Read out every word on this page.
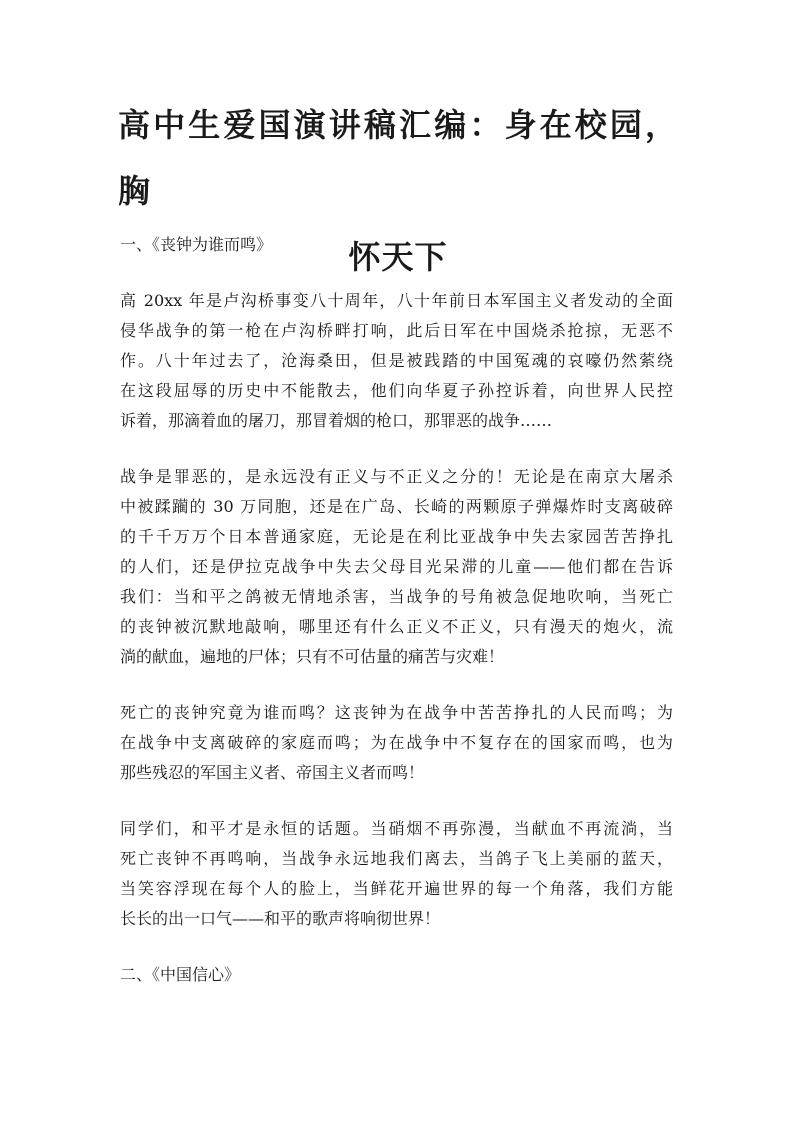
高中生爱国演讲稿汇编：身在校园，胸
怀天下
一、《丧钟为谁而鸣》
高 20xx 年是卢沟桥事变八十周年，八十年前日本军国主义者发动的全面
侵华战争的第一枪在卢沟桥畔打响，此后日军在中国烧杀抢掠，无恶不
作。八十年过去了，沧海桑田，但是被践踏的中国冤魂的哀嚎仍然萦绕
在这段屈辱的历史中不能散去，他们向华夏子孙控诉着，向世界人民控
诉着，那滴着血的屠刀，那冒着烟的枪口，那罪恶的战争……
战争是罪恶的，是永远没有正义与不正义之分的！无论是在南京大屠杀
中被蹂躏的 30 万同胞，还是在广岛、长崎的两颗原子弹爆炸时支离破碎
的千千万万个日本普通家庭，无论是在利比亚战争中失去家园苦苦挣扎
的人们，还是伊拉克战争中失去父母目光呆滞的儿童——他们都在告诉
我们：当和平之鸽被无情地杀害，当战争的号角被急促地吹响，当死亡
的丧钟被沉默地敲响，哪里还有什么正义不正义，只有漫天的炮火，流
淌的献血，遍地的尸体；只有不可估量的痛苦与灾难！
死亡的丧钟究竟为谁而鸣？这丧钟为在战争中苦苦挣扎的人民而鸣；为
在战争中支离破碎的家庭而鸣；为在战争中不复存在的国家而鸣，也为
那些残忍的军国主义者、帝国主义者而鸣！
同学们，和平才是永恒的话题。当硝烟不再弥漫，当献血不再流淌，当
死亡丧钟不再鸣响，当战争永远地我们离去，当鸽子飞上美丽的蓝天，
当笑容浮现在每个人的脸上，当鲜花开遍世界的每一个角落，我们方能
长长的出一口气——和平的歌声将响彻世界！
二、《中国信心》
